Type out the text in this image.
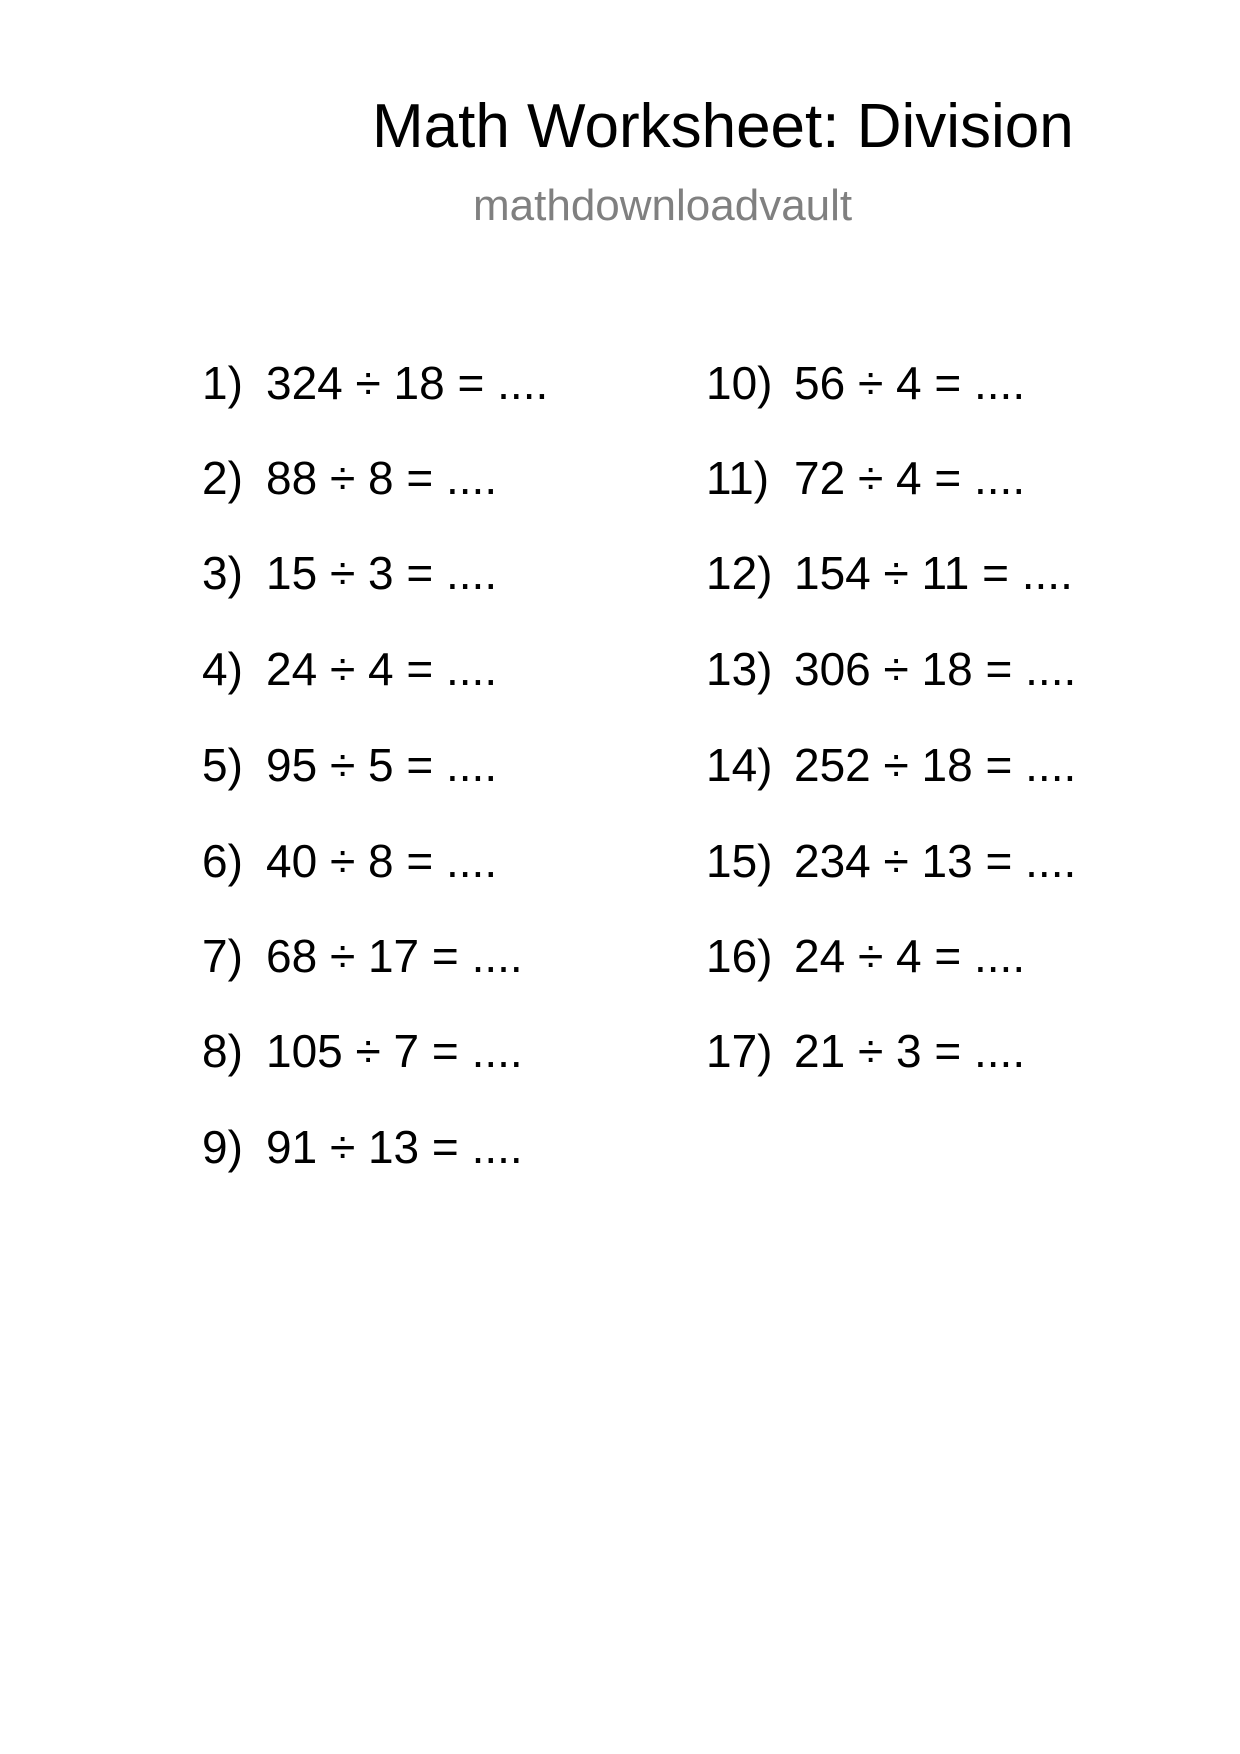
Math Worksheet: Division
mathdownloadvault
1) 324 ÷ 18 = ....
2) 88 ÷ 8 = ....
3) 15 ÷ 3 = ....
4) 24 ÷ 4 = ....
5) 95 ÷ 5 = ....
6) 40 ÷ 8 = ....
7) 68 ÷ 17 = ....
8) 105 ÷ 7 = ....
9) 91 ÷ 13 = ....
10) 56 ÷ 4 = ....
11) 72 ÷ 4 = ....
12) 154 ÷ 11 = ....
13) 306 ÷ 18 = ....
14) 252 ÷ 18 = ....
15) 234 ÷ 13 = ....
16) 24 ÷ 4 = ....
17) 21 ÷ 3 = ....
